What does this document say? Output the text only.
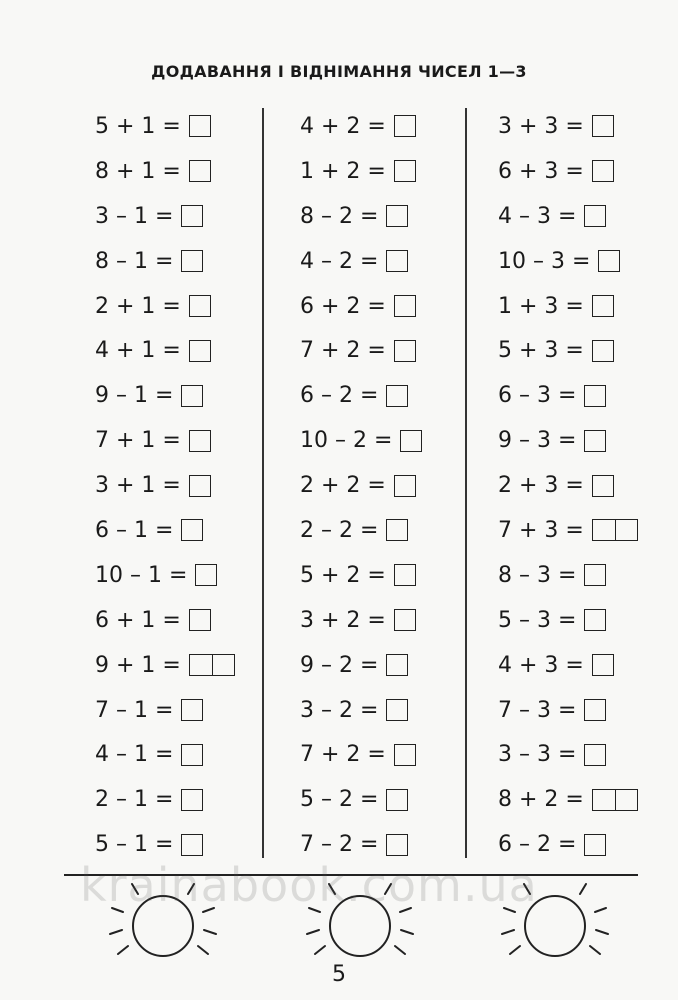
ДОДАВАННЯ І ВІДНІМАННЯ ЧИСЕЛ 1—3
5 + 1 =
8 + 1 =
3 – 1 =
8 – 1 =
2 + 1 =
4 + 1 =
9 – 1 =
7 + 1 =
3 + 1 =
6 – 1 =
10 – 1 =
6 + 1 =
9 + 1 =
7 – 1 =
4 – 1 =
2 – 1 =
5 – 1 =
4 + 2 =
1 + 2 =
8 – 2 =
4 – 2 =
6 + 2 =
7 + 2 =
6 – 2 =
10 – 2 =
2 + 2 =
2 – 2 =
5 + 2 =
3 + 2 =
9 – 2 =
3 – 2 =
7 + 2 =
5 – 2 =
7 – 2 =
3 + 3 =
6 + 3 =
4 – 3 =
10 – 3 =
1 + 3 =
5 + 3 =
6 – 3 =
9 – 3 =
2 + 3 =
7 + 3 =
8 – 3 =
5 – 3 =
4 + 3 =
7 – 3 =
3 – 3 =
8 + 2 =
6 – 2 =
krainabook.com.ua
5
